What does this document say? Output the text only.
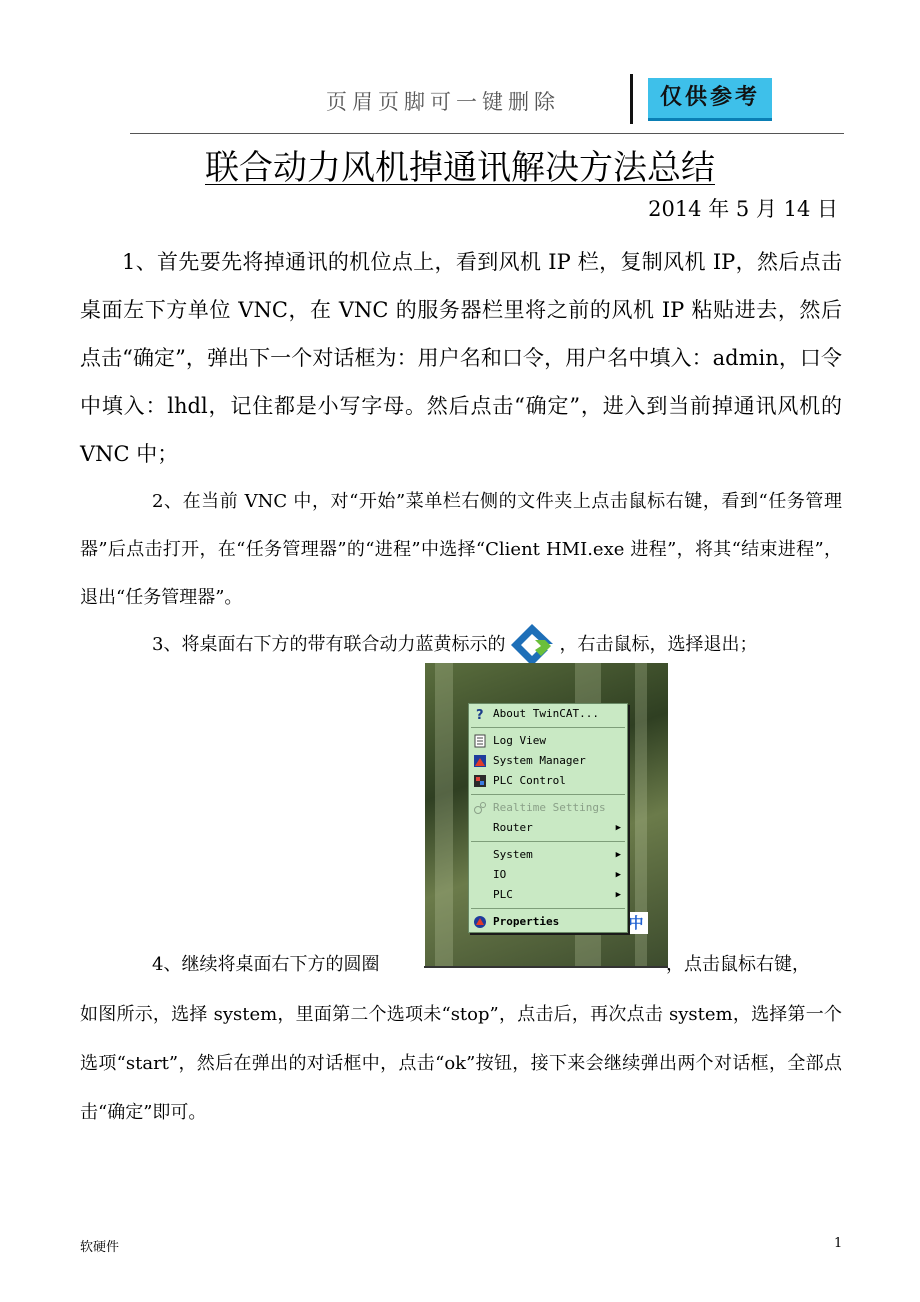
页眉页脚可一键删除	仅供参考
联合动力风机掉通讯解决方法总结
2014 年 5 月 14 日

1、首先要先将掉通讯的机位点上，看到风机 IP 栏，复制风机 IP，然后点击桌面左下方单位 VNC，在 VNC 的服务器栏里将之前的风机 IP 粘贴进去，然后点击“确定”，弹出下一个对话框为：用户名和口令，用户名中填入：admin，口令中填入：lhdl，记住都是小写字母。然后点击“确定”，进入到当前掉通讯风机的 VNC 中；

2、在当前 VNC 中，对“开始”菜单栏右侧的文件夹上点击鼠标右键，看到“任务管理器”后点击打开，在“任务管理器”的“进程”中选择“Client HMI.exe 进程”，将其“结束进程”，退出“任务管理器”。

3、将桌面右下方的带有联合动力蓝黄标示的	，右击鼠标，选择退出；
中
? About TwinCAT...
Log View
System Manager
PLC Control
Realtime Settings
Router	▶
System	▶
IO	▶
PLC	▶
Properties
4、继续将桌面右下方的圆圈	，点击鼠标右键，

如图所示，选择 system，里面第二个选项未“stop”，点击后，再次点击 system，选择第一个选项“start”，然后在弹出的对话框中，点击“ok”按钮，接下来会继续弹出两个对话框，全部点击“确定”即可。

软硬件	1
